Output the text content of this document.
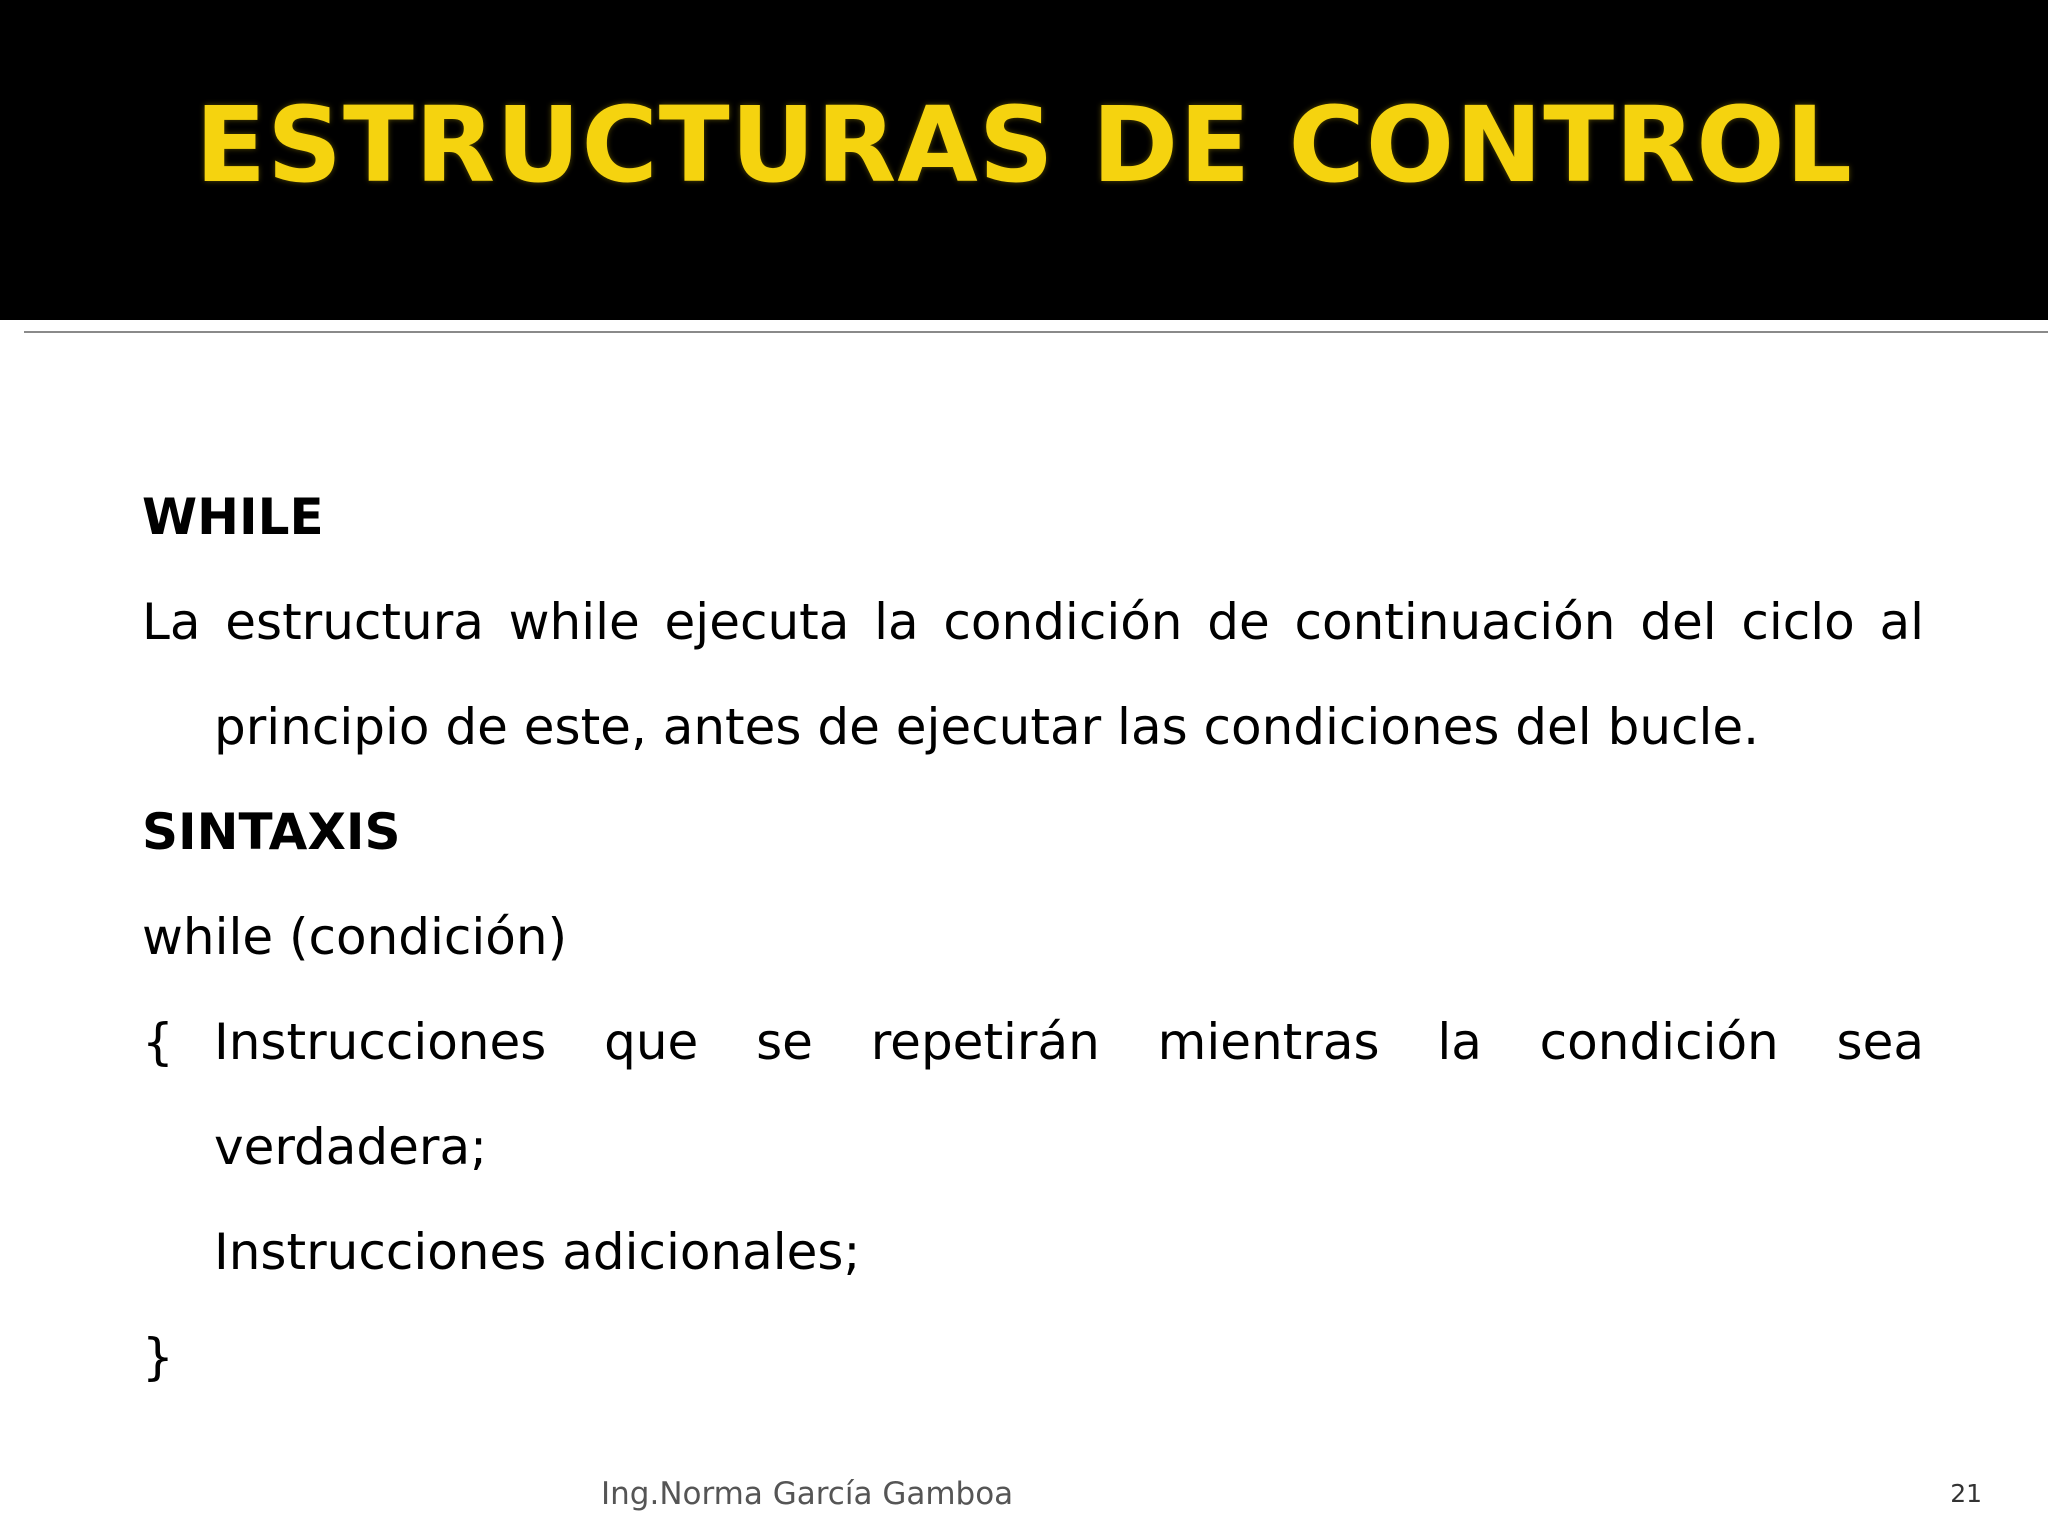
ESTRUCTURAS DE CONTROL
WHILE
La estructura while ejecuta la condición de continuación del ciclo al
principio de este, antes de ejecutar las condiciones del bucle.
SINTAXIS
while (condición)
{ Instrucciones que se repetirán mientras la condición sea
verdadera;
Instrucciones adicionales;
}
Ing.Norma García Gamboa	21
